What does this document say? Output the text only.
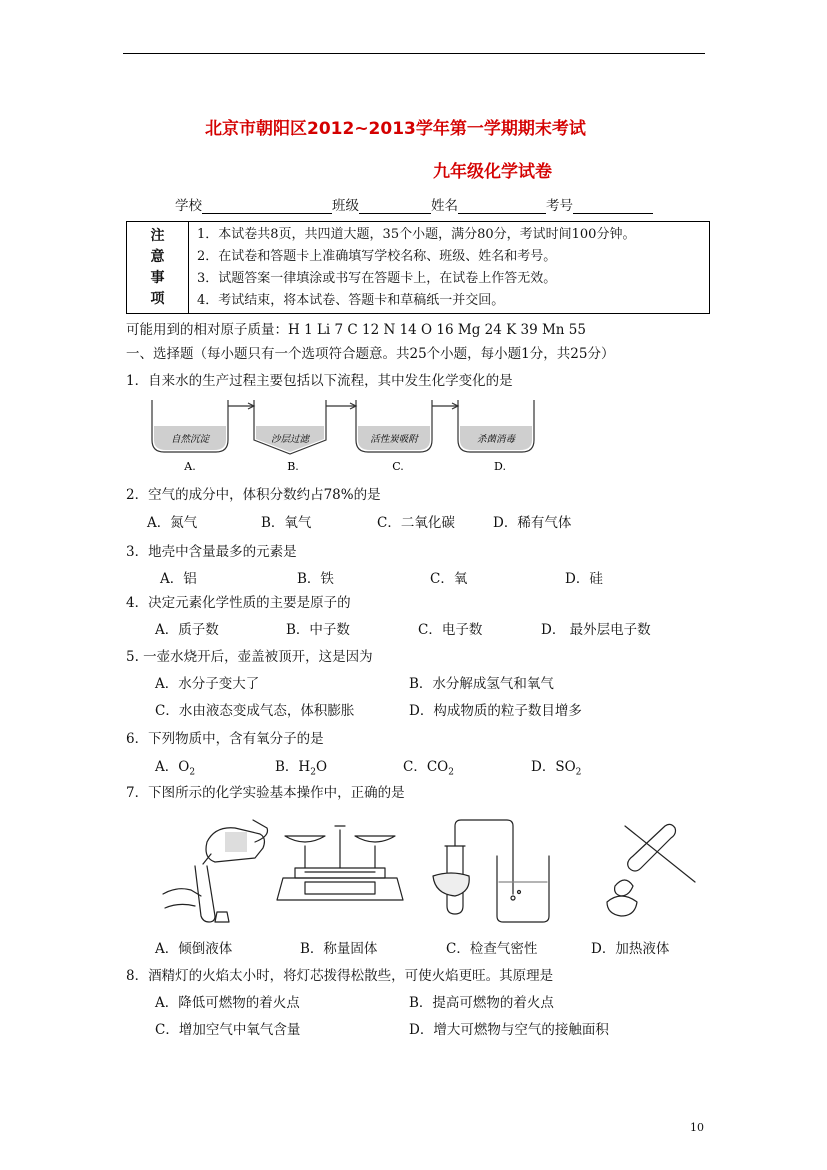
北京市朝阳区2012~2013学年第一学期期末考试
九年级化学试卷
学校	班级	姓名	考号
注
意
事
项

1．本试卷共8页，共四道大题，35个小题，满分80分，考试时间100分钟。
2．在试卷和答题卡上准确填写学校名称、班级、姓名和考号。
3．试题答案一律填涂或书写在答题卡上，在试卷上作答无效。
4．考试结束，将本试卷、答题卡和草稿纸一并交回。
可能用到的相对原子质量：H 1 Li 7 C 12 N 14 O 16 Mg 24 K 39 Mn 55
一、选择题（每小题只有一个选项符合题意。共25个小题，每小题1分，共25分）
1．自来水的生产过程主要包括以下流程，其中发生化学变化的是
自然沉淀	沙层过滤	活性炭吸附	杀菌消毒
A.	B.	C.	D.
2．空气的成分中，体积分数约占78%的是
A．氮气	B．氧气	C．二氧化碳	D．稀有气体
3．地壳中含量最多的元素是
A．铝	B．铁	C．氧	D．硅
4．决定元素化学性质的主要是原子的
A．质子数	B．中子数	C．电子数	D． 最外层电子数
5. 一壶水烧开后，壶盖被顶开，这是因为
A．水分子变大了	B．水分解成氢气和氧气
C．水由液态变成气态，体积膨胀	D．构成物质的粒子数目增多
6．下列物质中，含有氧分子的是
A．$O_2$	B．$H_2O$	C．$CO_2$	D．$SO_2$
7．下图所示的化学实验基本操作中，正确的是
A．倾倒液体	B．称量固体	C．检查气密性	D．加热液体
8．酒精灯的火焰太小时，将灯芯拨得松散些，可使火焰更旺。其原理是
A．降低可燃物的着火点	B．提高可燃物的着火点
C．增加空气中氧气含量	D．增大可燃物与空气的接触面积
10
